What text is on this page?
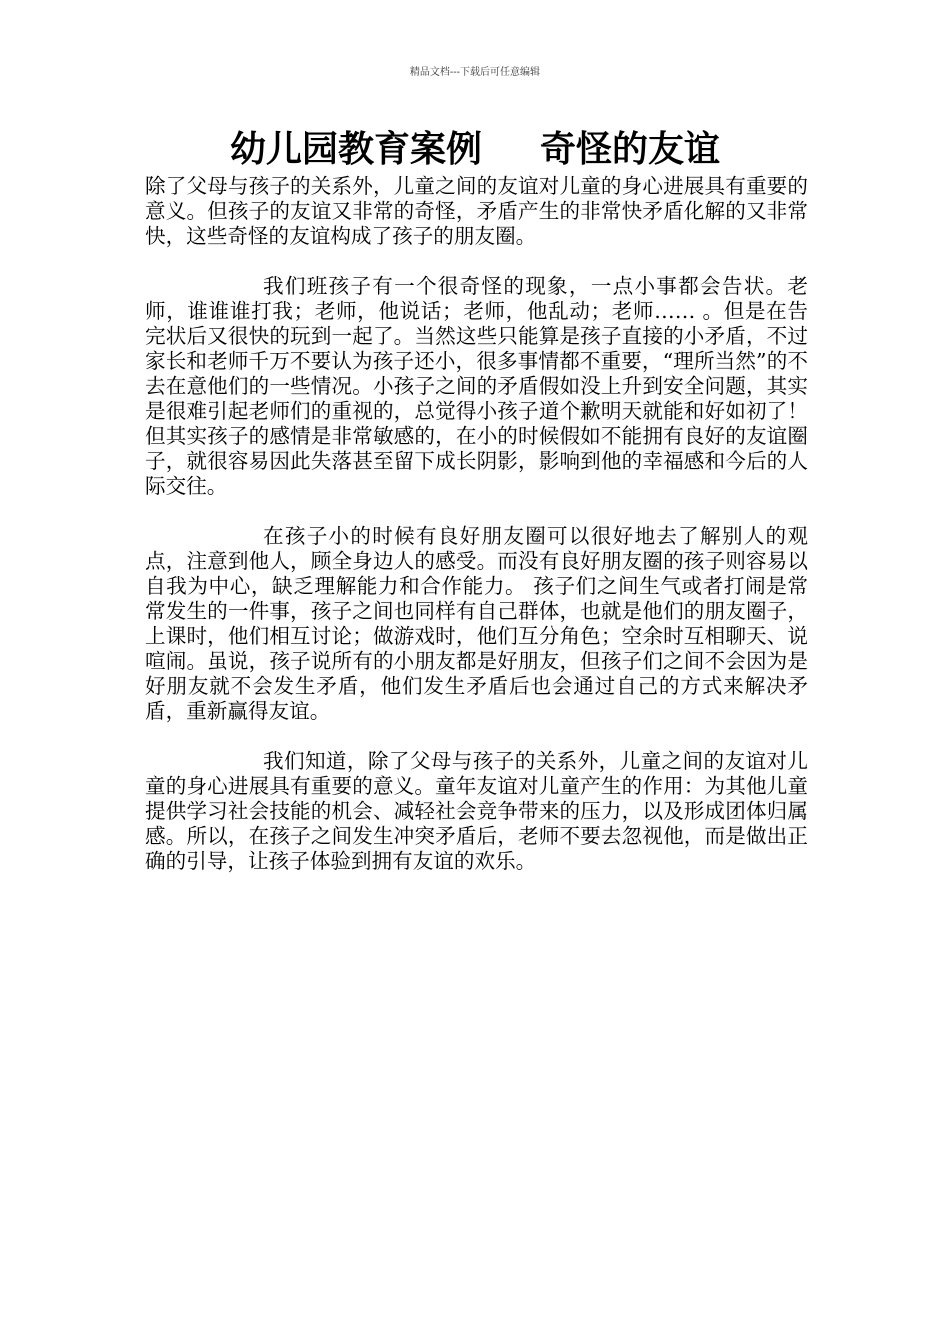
精品文档---下载后可任意编辑
幼儿园教育案例 奇怪的友谊

除了父母与孩子的关系外，儿童之间的友谊对儿童的身心进展具有重要的意义。但孩子的友谊又非常的奇怪，矛盾产生的非常快矛盾化解的又非常快，这些奇怪的友谊构成了孩子的朋友圈。

我们班孩子有一个很奇怪的现象，一点小事都会告状。老师，谁谁谁打我；老师，他说话；老师，他乱动；老师…… 。但是在告完状后又很快的玩到一起了。当然这些只能算是孩子直接的小矛盾，不过家长和老师千万不要认为孩子还小，很多事情都不重要，“理所当然”的不去在意他们的一些情况。小孩子之间的矛盾假如没上升到安全问题，其实是很难引起老师们的重视的，总觉得小孩子道个歉明天就能和好如初了！但其实孩子的感情是非常敏感的，在小的时候假如不能拥有良好的友谊圈子，就很容易因此失落甚至留下成长阴影，影响到他的幸福感和今后的人际交往。

在孩子小的时候有良好朋友圈可以很好地去了解别人的观点，注意到他人，顾全身边人的感受。而没有良好朋友圈的孩子则容易以自我为中心，缺乏理解能力和合作能力。 孩子们之间生气或者打闹是常常发生的一件事，孩子之间也同样有自己群体，也就是他们的朋友圈子，上课时，他们相互讨论；做游戏时，他们互分角色；空余时互相聊天、说喧闹。虽说，孩子说所有的小朋友都是好朋友，但孩子们之间不会因为是好朋友就不会发生矛盾，他们发生矛盾后也会通过自己的方式来解决矛盾，重新赢得友谊。

我们知道，除了父母与孩子的关系外，儿童之间的友谊对儿童的身心进展具有重要的意义。童年友谊对儿童产生的作用：为其他儿童提供学习社会技能的机会、减轻社会竞争带来的压力，以及形成团体归属感。所以，在孩子之间发生冲突矛盾后，老师不要去忽视他，而是做出正确的引导，让孩子体验到拥有友谊的欢乐。
